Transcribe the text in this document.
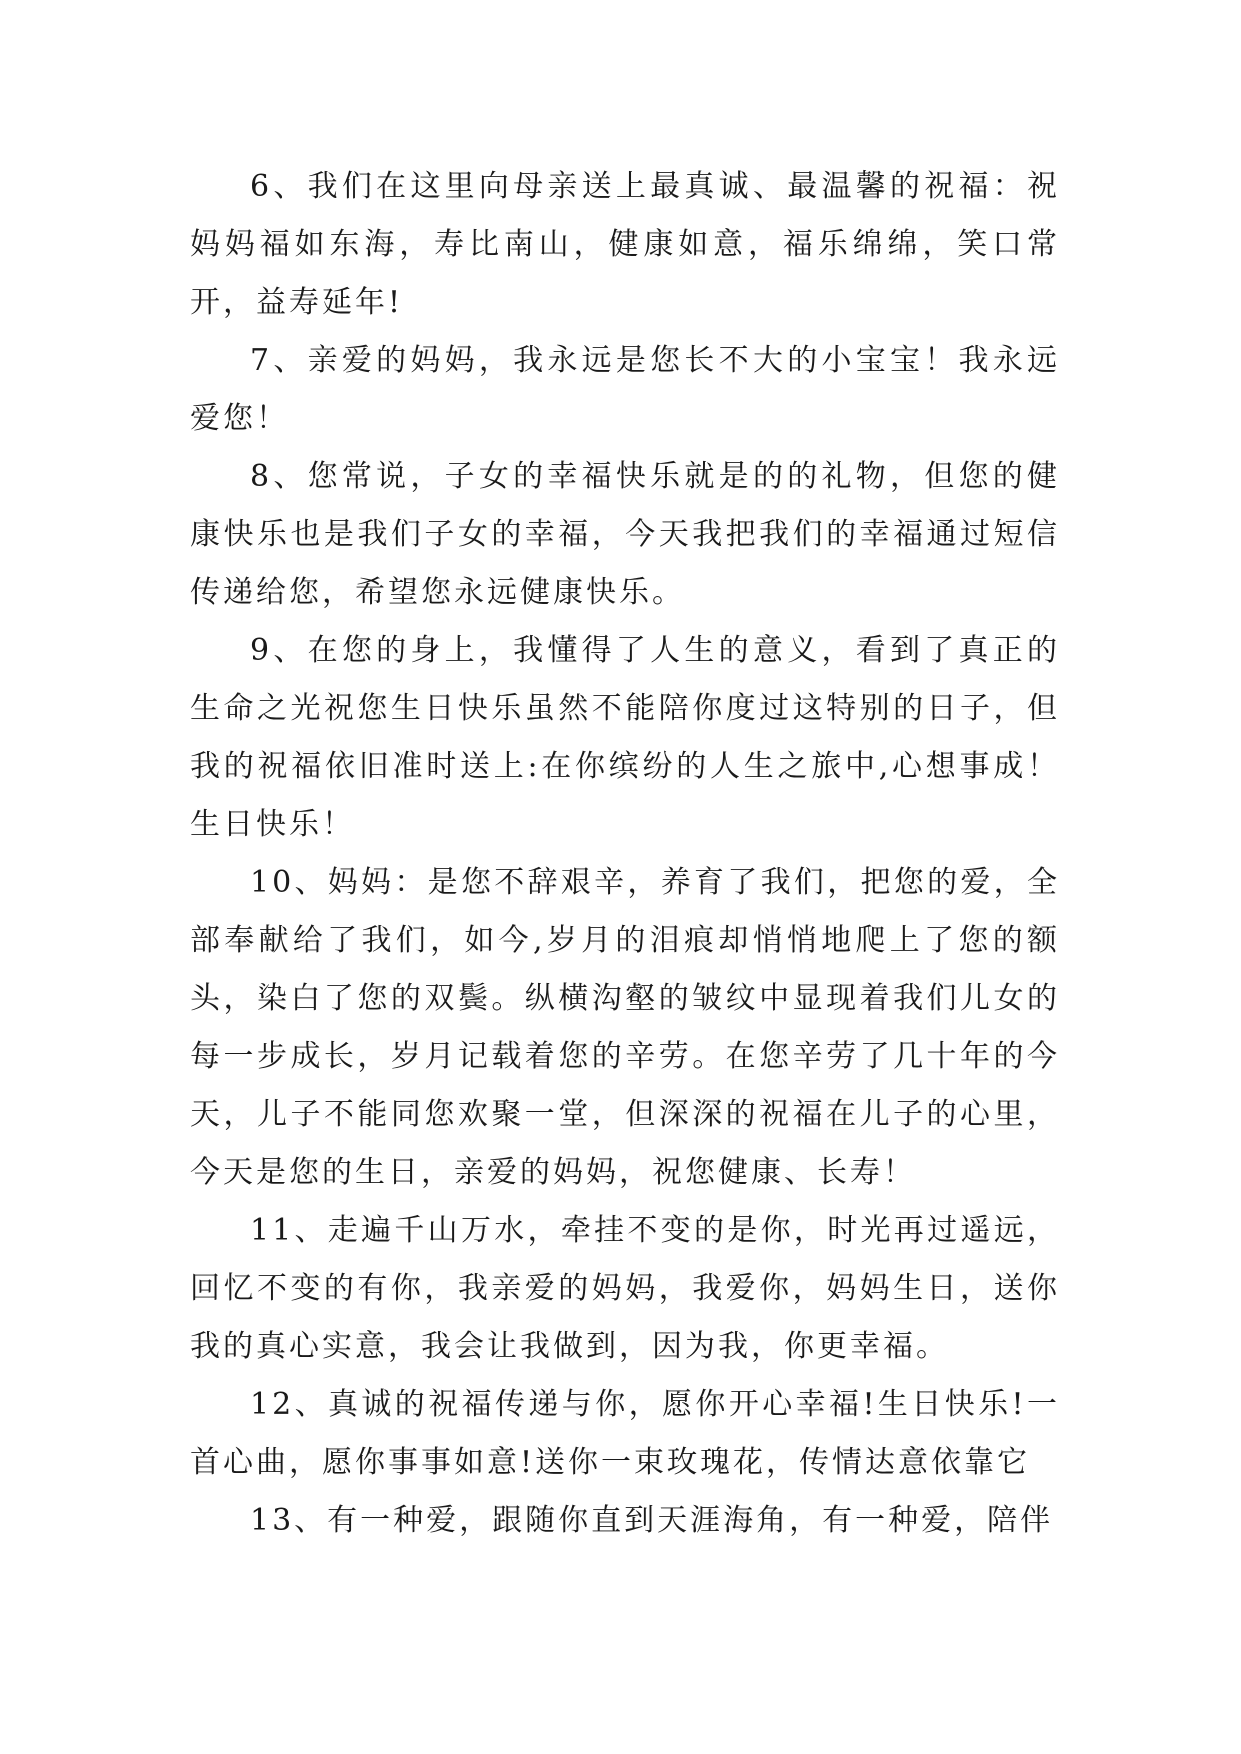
6、我们在这里向母亲送上最真诚、最温馨的祝福：祝妈妈福如东海，寿比南山，健康如意，福乐绵绵，笑口常开，益寿延年!

7、亲爱的妈妈，我永远是您长不大的小宝宝！我永远爱您！

8、您常说，子女的幸福快乐就是的的礼物，但您的健康快乐也是我们子女的幸福，今天我把我们的幸福通过短信传递给您，希望您永远健康快乐。

9、在您的身上，我懂得了人生的意义，看到了真正的生命之光祝您生日快乐虽然不能陪你度过这特别的日子，但我的祝福依旧准时送上:在你缤纷的人生之旅中,心想事成！生日快乐！

10、妈妈：是您不辞艰辛，养育了我们，把您的爱，全部奉献给了我们，如今,岁月的泪痕却悄悄地爬上了您的额头，染白了您的双鬓。纵横沟壑的皱纹中显现着我们儿女的每一步成长，岁月记载着您的辛劳。在您辛劳了几十年的今天，儿子不能同您欢聚一堂，但深深的祝福在儿子的心里，今天是您的生日，亲爱的妈妈，祝您健康、长寿！

11、走遍千山万水，牵挂不变的是你，时光再过遥远，回忆不变的有你，我亲爱的妈妈，我爱你，妈妈生日，送你我的真心实意，我会让我做到，因为我，你更幸福。

12、真诚的祝福传递与你，愿你开心幸福!生日快乐!一首心曲，愿你事事如意!送你一束玫瑰花，传情达意依靠它

13、有一种爱，跟随你直到天涯海角，有一种爱，陪伴
